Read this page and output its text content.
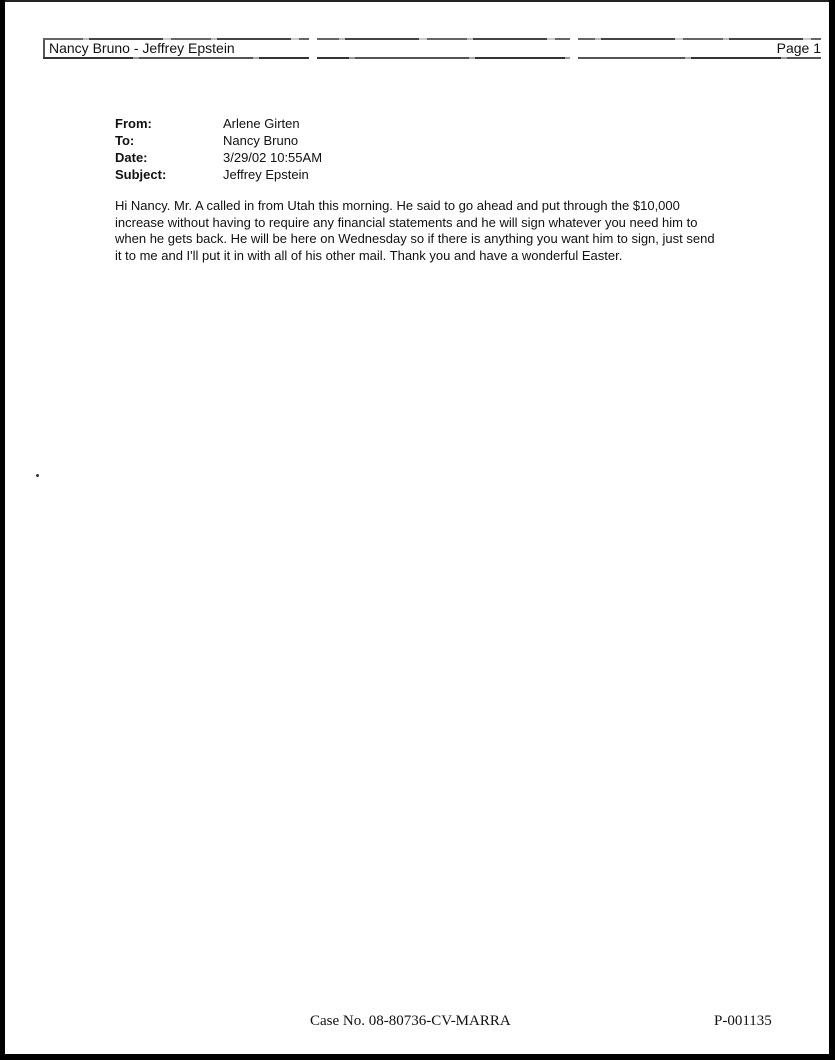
Nancy Bruno - Jeffrey Epstein	Page 1
From:	Arlene Girten
To:	Nancy Bruno
Date:	3/29/02 10:55AM
Subject:	Jeffrey Epstein
Hi Nancy. Mr. A called in from Utah this morning. He said to go ahead and put through the $10,000
increase without having to require any financial statements and he will sign whatever you need him to
when he gets back. He will be here on Wednesday so if there is anything you want him to sign, just send
it to me and I'll put it in with all of his other mail. Thank you and have a wonderful Easter.
Case No. 08-80736-CV-MARRA	P-001135
